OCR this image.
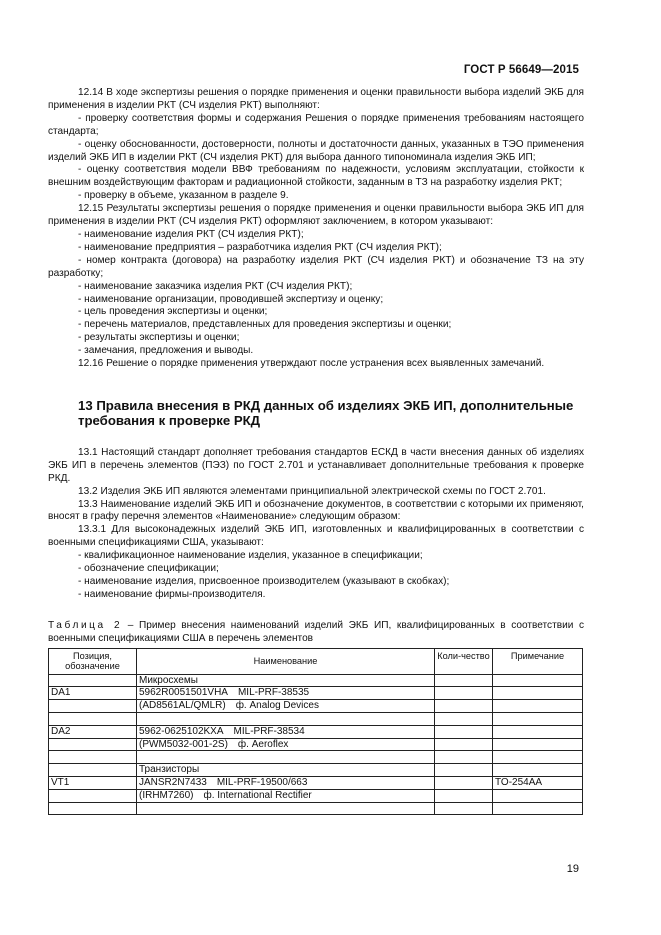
ГОСТ Р 56649—2015

12.14 В ходе экспертизы решения о порядке применения и оценки правильности выбора изделий ЭКБ для применения в изделии РКТ (СЧ изделия РКТ) выполняют:

- проверку соответствия формы и содержания Решения о порядке применения требованиям настоящего стандарта;

- оценку обоснованности, достоверности, полноты и достаточности данных, указанных в ТЭО применения изделий ЭКБ ИП в изделии РКТ (СЧ изделия РКТ) для выбора данного типономинала изделия ЭКБ ИП;

- оценку соответствия модели ВВФ требованиям по надежности, условиям эксплуатации, стойкости к внешним воздействующим факторам и радиационной стойкости, заданным в ТЗ на разработку изделия РКТ;

- проверку в объеме, указанном в разделе 9.

12.15 Результаты экспертизы решения о порядке применения и оценки правильности выбора ЭКБ ИП для применения в изделии РКТ (СЧ изделия РКТ) оформляют заключением, в котором указывают:

- наименование изделия РКТ (СЧ изделия РКТ);

- наименование предприятия – разработчика изделия РКТ (СЧ изделия РКТ);

- номер контракта (договора) на разработку изделия РКТ (СЧ изделия РКТ) и обозначение ТЗ на эту разработку;

- наименование заказчика изделия РКТ (СЧ изделия РКТ);

- наименование организации, проводившей экспертизу и оценку;

- цель проведения экспертизы и оценки;

- перечень материалов, представленных для проведения экспертизы и оценки;

- результаты экспертизы и оценки;

- замечания, предложения и выводы.

12.16 Решение о порядке применения утверждают после устранения всех выявленных замечаний.

13 Правила внесения в РКД данных об изделиях ЭКБ ИП, дополнительные требования к проверке РКД

13.1 Настоящий стандарт дополняет требования стандартов ЕСКД в части внесения данных об изделиях ЭКБ ИП в перечень элементов (ПЭЗ) по ГОСТ 2.701 и устанавливает дополнительные требования к проверке РКД.

13.2 Изделия ЭКБ ИП являются элементами принципиальной электрической схемы по ГОСТ 2.701.

13.3 Наименование изделий ЭКБ ИП и обозначение документов, в соответствии с которыми их применяют, вносят в графу перечня элементов «Наименование» следующим образом:

13.3.1 Для высоконадежных изделий ЭКБ ИП, изготовленных и квалифицированных в соответствии с военными спецификациями США, указывают:

- квалификационное наименование изделия, указанное в спецификации;

- обозначение спецификации;

- наименование изделия, присвоенное производителем (указывают в скобках);

- наименование фирмы-производителя.

Таблица 2 – Пример внесения наименований изделий ЭКБ ИП, квалифицированных в соответствии с военными спецификациями США в перечень элементов

Позиция, обозначение	Наименование	Коли-чество	Примечание
	Микросхемы		
DA1	5962R0051501VHA MIL-PRF-38535		
	(AD8561AL/QMLR) ф. Analog Devices		

DA2	5962-0625102KXA MIL-PRF-38534		
	(PWM5032-001-2S) ф. Aeroflex		

	Транзисторы		
VT1	JANSR2N7433 MIL-PRF-19500/663		TO-254AA
	(IRHM7260) ф. International Rectifier		

19
